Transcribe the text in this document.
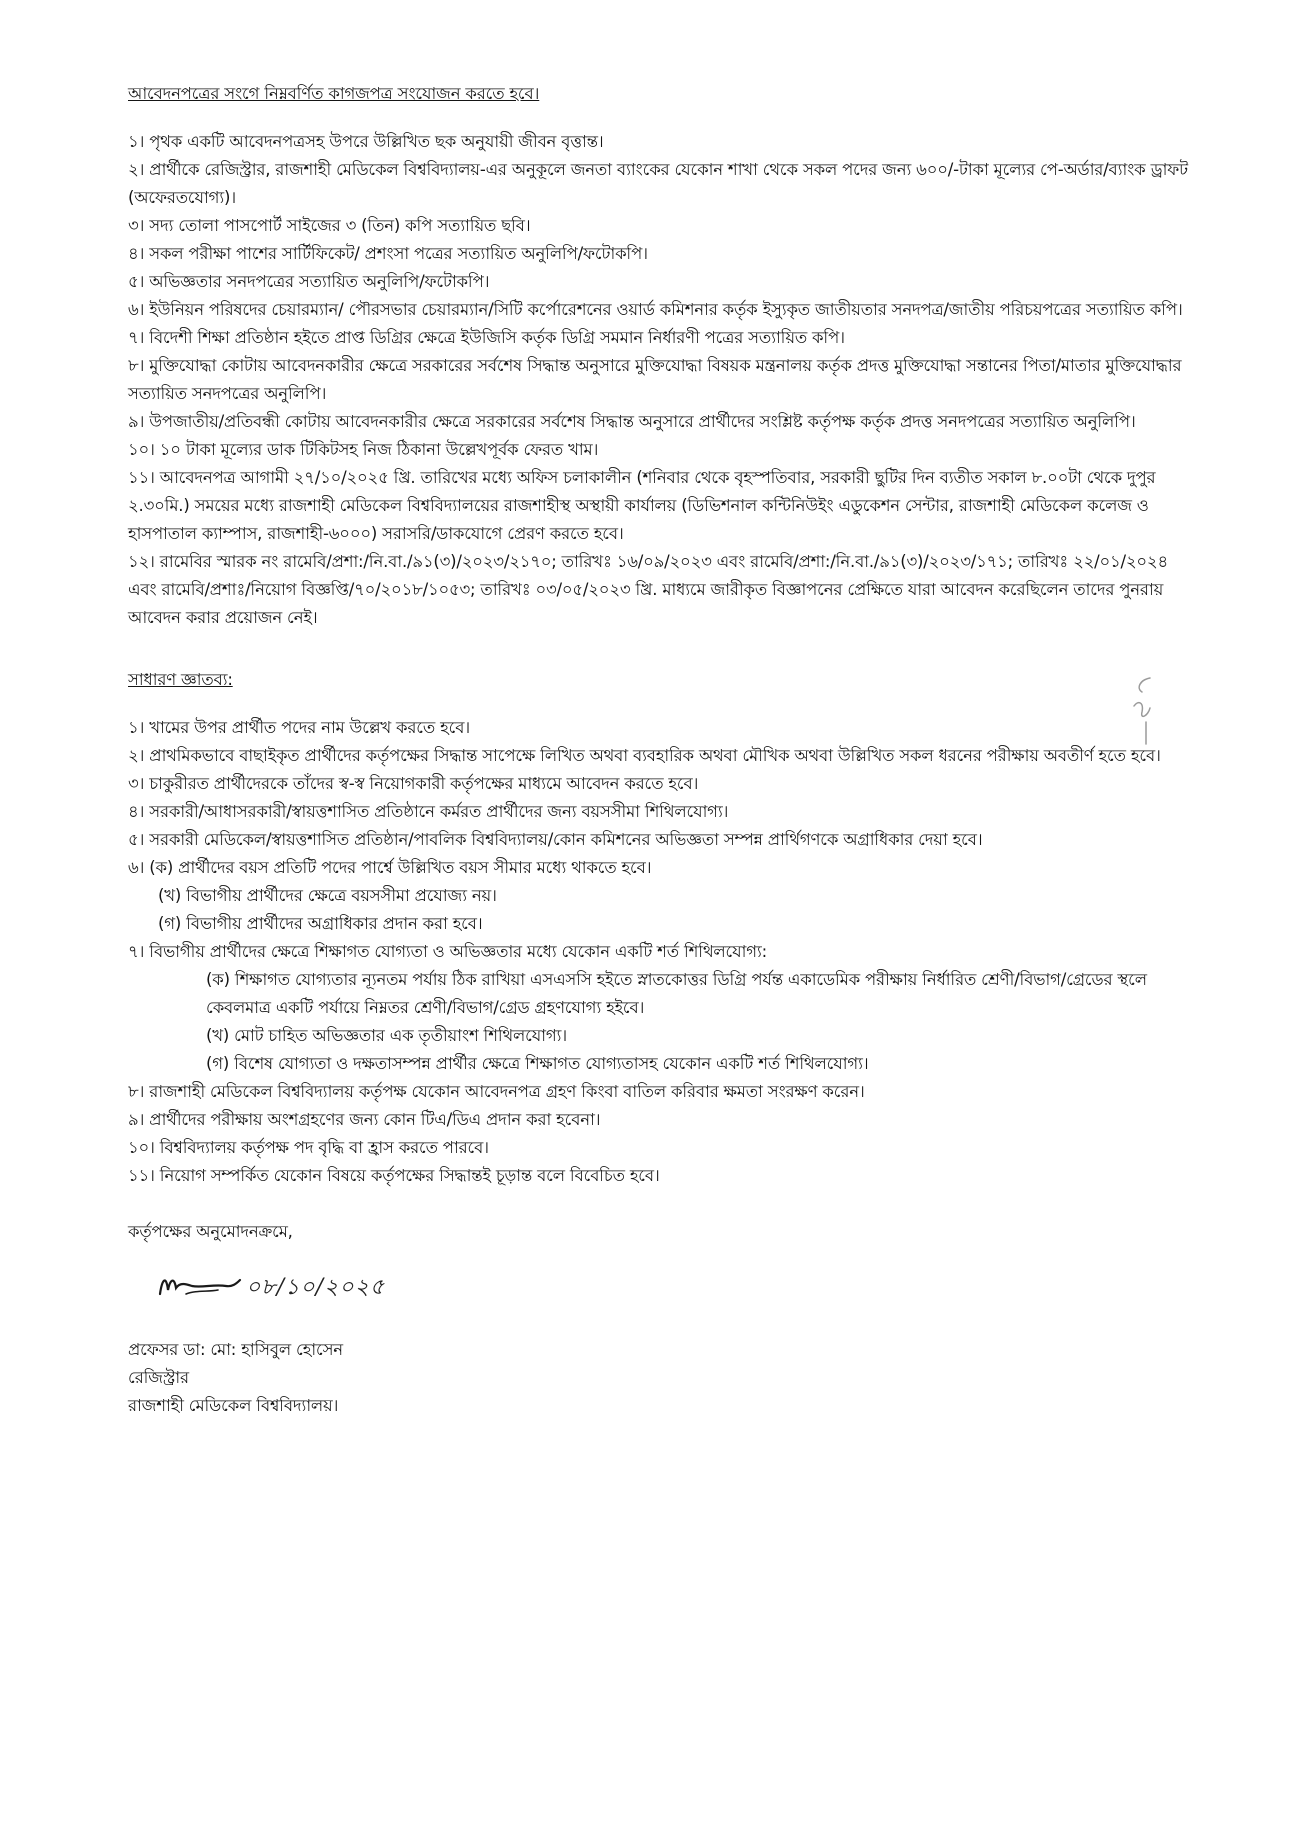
আবেদনপত্রের সংগে নিম্নবর্ণিত কাগজপত্র সংযোজন করতে হবে।

১। পৃথক একটি আবেদনপত্রসহ উপরে উল্লিখিত ছক অনুযায়ী জীবন বৃত্তান্ত।

২। প্রার্থীকে রেজিস্ট্রার, রাজশাহী মেডিকেল বিশ্ববিদ্যালয়-এর অনুকূলে জনতা ব্যাংকের যেকোন শাখা থেকে সকল পদের জন্য ৬০০/-টাকা মূল্যের পে-অর্ডার/ব্যাংক ড্রাফট (অফেরতযোগ্য)।

৩। সদ্য তোলা পাসপোর্ট সাইজের ৩ (তিন) কপি সত্যায়িত ছবি।

৪। সকল পরীক্ষা পাশের সার্টিফিকেট/ প্রশংসা পত্রের সত্যায়িত অনুলিপি/ফটোকপি।

৫। অভিজ্ঞতার সনদপত্রের সত্যায়িত অনুলিপি/ফটোকপি।

৬। ইউনিয়ন পরিষদের চেয়ারম্যান/ পৌরসভার চেয়ারম্যান/সিটি কর্পোরেশনের ওয়ার্ড কমিশনার কর্তৃক ইস্যুকৃত জাতীয়তার সনদপত্র/জাতীয় পরিচয়পত্রের সত্যায়িত কপি।

৭। বিদেশী শিক্ষা প্রতিষ্ঠান হইতে প্রাপ্ত ডিগ্রির ক্ষেত্রে ইউজিসি কর্তৃক ডিগ্রি সমমান নির্ধারণী পত্রের সত্যায়িত কপি।

৮। মুক্তিযোদ্ধা কোটায় আবেদনকারীর ক্ষেত্রে সরকারের সর্বশেষ সিদ্ধান্ত অনুসারে মুক্তিযোদ্ধা বিষয়ক মন্ত্রনালয় কর্তৃক প্রদত্ত মুক্তিযোদ্ধা সন্তানের পিতা/মাতার মুক্তিযোদ্ধার সত্যায়িত সনদপত্রের অনুলিপি।

৯। উপজাতীয়/প্রতিবন্ধী কোটায় আবেদনকারীর ক্ষেত্রে সরকারের সর্বশেষ সিদ্ধান্ত অনুসারে প্রার্থীদের সংশ্লিষ্ট কর্তৃপক্ষ কর্তৃক প্রদত্ত সনদপত্রের সত্যায়িত অনুলিপি।

১০। ১০ টাকা মূল্যের ডাক টিকিটসহ নিজ ঠিকানা উল্লেখপূর্বক ফেরত খাম।

১১। আবেদনপত্র আগামী ২৭/১০/২০২৫ খ্রি. তারিখের মধ্যে অফিস চলাকালীন (শনিবার থেকে বৃহস্পতিবার, সরকারী ছুটির দিন ব্যতীত সকাল ৮.০০টা থেকে দুপুর ২.৩০মি.) সময়ের মধ্যে রাজশাহী মেডিকেল বিশ্ববিদ্যালয়ের রাজশাহীস্থ অস্থায়ী কার্যালয় (ডিভিশনাল কন্টিনিউইং এডুকেশন সেন্টার, রাজশাহী মেডিকেল কলেজ ও হাসপাতাল ক্যাম্পাস, রাজশাহী-৬০০০) সরাসরি/ডাকযোগে প্রেরণ করতে হবে।

১২। রামেবির স্মারক নং রামেবি/প্রশা:/নি.বা./৯১(৩)/২০২৩/২১৭০; তারিখঃ ১৬/০৯/২০২৩ এবং রামেবি/প্রশা:/নি.বা./৯১(৩)/২০২৩/১৭১; তারিখঃ ২২/০১/২০২৪ এবং রামেবি/প্রশাঃ/নিয়োগ বিজ্ঞপ্তি/৭০/২০১৮/১০৫৩; তারিখঃ ০৩/০৫/২০২৩ খ্রি. মাধ্যমে জারীকৃত বিজ্ঞাপনের প্রেক্ষিতে যারা আবেদন করেছিলেন তাদের পুনরায় আবেদন করার প্রয়োজন নেই।

সাধারণ জ্ঞাতব্য:

১। খামের উপর প্রার্থীত পদের নাম উল্লেখ করতে হবে।

২। প্রাথমিকভাবে বাছাইকৃত প্রার্থীদের কর্তৃপক্ষের সিদ্ধান্ত সাপেক্ষে লিখিত অথবা ব্যবহারিক অথবা মৌখিক অথবা উল্লিখিত সকল ধরনের পরীক্ষায় অবতীর্ণ হতে হবে।

৩। চাকুরীরত প্রার্থীদেরকে তাঁদের স্ব-স্ব নিয়োগকারী কর্তৃপক্ষের মাধ্যমে আবেদন করতে হবে।

৪। সরকারী/আধাসরকারী/স্বায়ত্তশাসিত প্রতিষ্ঠানে কর্মরত প্রার্থীদের জন্য বয়সসীমা শিথিলযোগ্য।

৫। সরকারী মেডিকেল/স্বায়ত্তশাসিত প্রতিষ্ঠান/পাবলিক বিশ্ববিদ্যালয়/কোন কমিশনের অভিজ্ঞতা সম্পন্ন প্রার্থিগণকে অগ্রাধিকার দেয়া হবে।

৬। (ক) প্রার্থীদের বয়স প্রতিটি পদের পার্শ্বে উল্লিখিত বয়স সীমার মধ্যে থাকতে হবে।

(খ) বিভাগীয় প্রার্থীদের ক্ষেত্রে বয়সসীমা প্রযোজ্য নয়।

(গ) বিভাগীয় প্রার্থীদের অগ্রাধিকার প্রদান করা হবে।

৭। বিভাগীয় প্রার্থীদের ক্ষেত্রে শিক্ষাগত যোগ্যতা ও অভিজ্ঞতার মধ্যে যেকোন একটি শর্ত শিথিলযোগ্য:

(ক) শিক্ষাগত যোগ্যতার ন্যূনতম পর্যায় ঠিক রাখিয়া এসএসসি হইতে স্নাতকোত্তর ডিগ্রি পর্যন্ত একাডেমিক পরীক্ষায় নির্ধারিত শ্রেণী/বিভাগ/গ্রেডের স্থলে কেবলমাত্র একটি পর্যায়ে নিম্নতর শ্রেণী/বিভাগ/গ্রেড গ্রহণযোগ্য হইবে।

(খ) মোট চাহিত অভিজ্ঞতার এক তৃতীয়াংশ শিথিলযোগ্য।

(গ) বিশেষ যোগ্যতা ও দক্ষতাসম্পন্ন প্রার্থীর ক্ষেত্রে শিক্ষাগত যোগ্যতাসহ যেকোন একটি শর্ত শিথিলযোগ্য।

৮। রাজশাহী মেডিকেল বিশ্ববিদ্যালয় কর্তৃপক্ষ যেকোন আবেদনপত্র গ্রহণ কিংবা বাতিল করিবার ক্ষমতা সংরক্ষণ করেন।

৯। প্রার্থীদের পরীক্ষায় অংশগ্রহণের জন্য কোন টিএ/ডিএ প্রদান করা হবেনা।

১০। বিশ্ববিদ্যালয় কর্তৃপক্ষ পদ বৃদ্ধি বা হ্রাস করতে পারবে।

১১। নিয়োগ সম্পর্কিত যেকোন বিষয়ে কর্তৃপক্ষের সিদ্ধান্তই চূড়ান্ত বলে বিবেচিত হবে।

কর্তৃপক্ষের অনুমোদনক্রমে,

০৮/১০/২০২৫

প্রফেসর ডা: মো: হাসিবুল হোসেন

রেজিস্ট্রার

রাজশাহী মেডিকেল বিশ্ববিদ্যালয়।
